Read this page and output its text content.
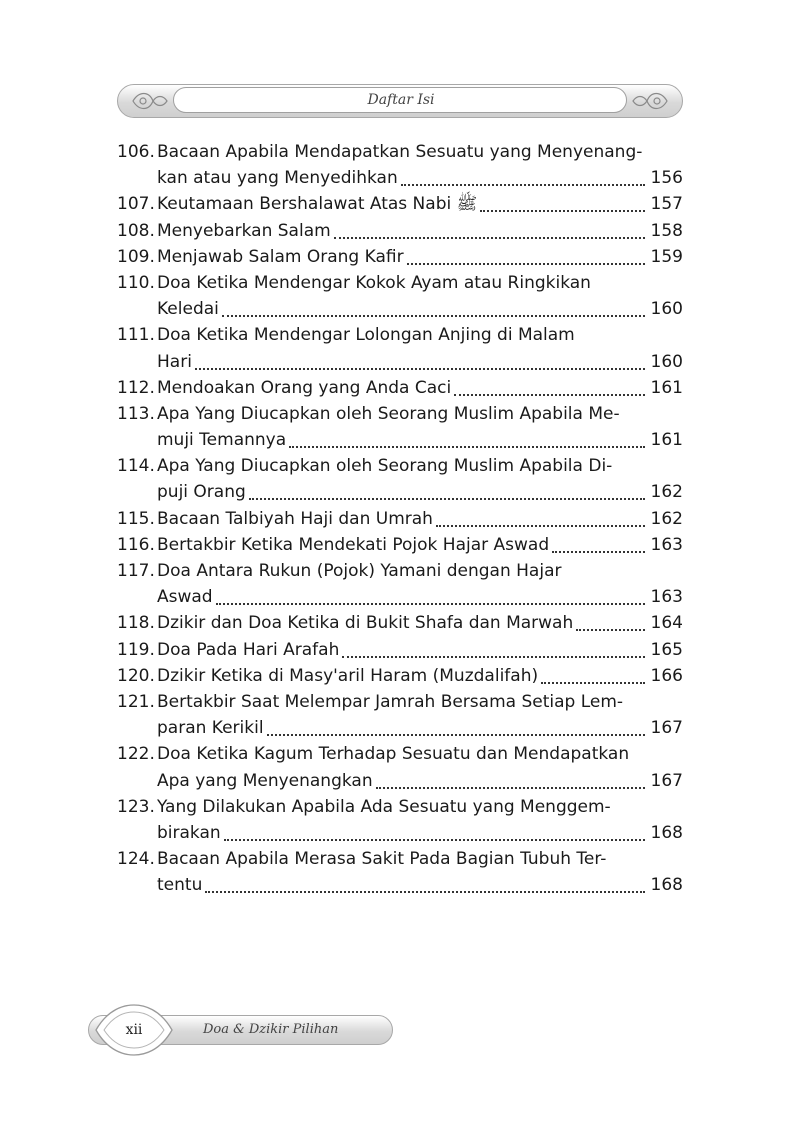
Daftar Isi
106. Bacaan Apabila Mendapatkan Sesuatu yang Menyenang-
kan atau yang Menyedihkan	156
107. Keutamaan Bershalawat Atas Nabi ﷺ	157
108. Menyebarkan Salam	158
109. Menjawab Salam Orang Kafir	159
110. Doa Ketika Mendengar Kokok Ayam atau Ringkikan
Keledai	160
111. Doa Ketika Mendengar Lolongan Anjing di Malam
Hari	160
112. Mendoakan Orang yang Anda Caci	161
113. Apa Yang Diucapkan oleh Seorang Muslim Apabila Me-
muji Temannya	161
114. Apa Yang Diucapkan oleh Seorang Muslim Apabila Di-
puji Orang	162
115. Bacaan Talbiyah Haji dan Umrah	162
116. Bertakbir Ketika Mendekati Pojok Hajar Aswad	163
117. Doa Antara Rukun (Pojok) Yamani dengan Hajar
Aswad	163
118. Dzikir dan Doa Ketika di Bukit Shafa dan Marwah	164
119. Doa Pada Hari Arafah	165
120. Dzikir Ketika di Masy'aril Haram (Muzdalifah)	166
121. Bertakbir Saat Melempar Jamrah Bersama Setiap Lem-
paran Kerikil	167
122. Doa Ketika Kagum Terhadap Sesuatu dan Mendapatkan
Apa yang Menyenangkan	167
123. Yang Dilakukan Apabila Ada Sesuatu yang Menggem-
birakan	168
124. Bacaan Apabila Merasa Sakit Pada Bagian Tubuh Ter-
tentu	168
xii	Doa & Dzikir Pilihan
